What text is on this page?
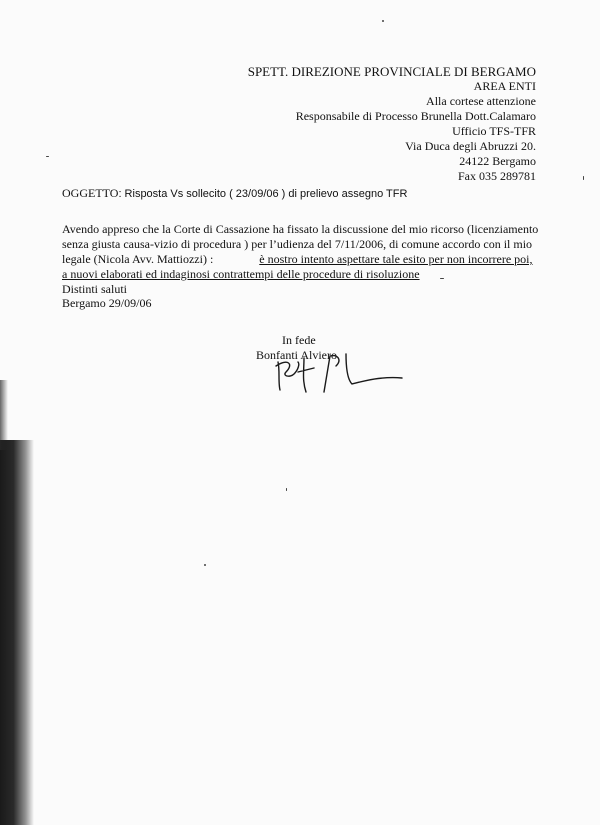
SPETT. DIREZIONE PROVINCIALE DI BERGAMO
AREA ENTI
Alla cortese attenzione
Responsabile di Processo Brunella Dott.Calamaro
Ufficio TFS-TFR
Via Duca degli Abruzzi 20.
24122 Bergamo
Fax 035 289781
OGGETTO: Risposta Vs sollecito ( 23/09/06 ) di prelievo assegno TFR
Avendo appreso che la Corte di Cassazione ha fissato la discussione del mio ricorso (licenziamento
senza giusta causa-vizio di procedura ) per l’udienza del 7/11/2006, di comune accordo con il mio
legale (Nicola Avv. Mattiozzi) :	è nostro intento aspettare tale esito per non incorrere poi,
a nuovi elaborati ed indaginosi contrattempi delle procedure di risoluzione
Distinti saluti
Bergamo 29/09/06
In fede
Bonfanti Alviero
